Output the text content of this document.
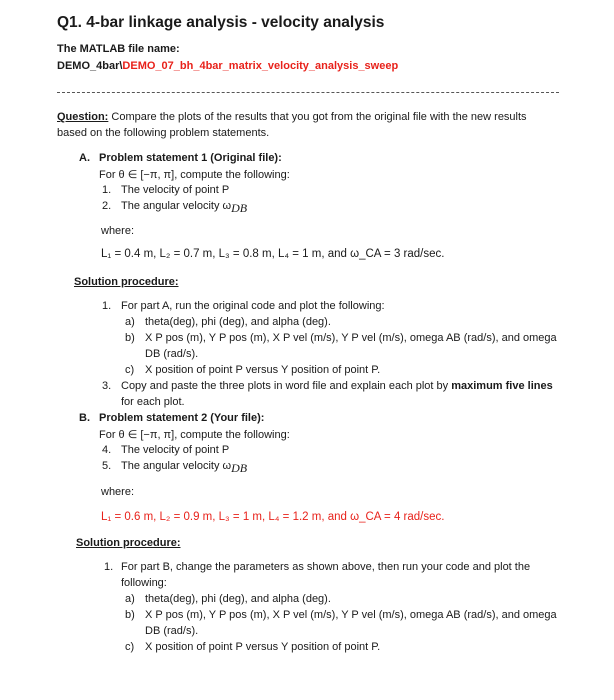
Q1. 4-bar linkage analysis - velocity analysis
The MATLAB file name:
DEMO_4bar\DEMO_07_bh_4bar_matrix_velocity_analysis_sweep
Question: Compare the plots of the results that you got from the original file with the new results
based on the following problem statements.
A. Problem statement 1 (Original file):
For θ ∈ [−π, π], compute the following:
1. The velocity of point P
2. The angular velocity $\omega_{DB}$
where:
L₁ = 0.4 m, L₂ = 0.7 m, L₃ = 0.8 m, L₄ = 1 m, and ω_CA = 3 rad/sec.
Solution procedure:
1. For part A, run the original code and plot the following:
a) theta(deg), phi (deg), and alpha (deg).
b) X P pos (m), Y P pos (m), X P vel (m/s), Y P vel (m/s), omega AB (rad/s), and omega
DB (rad/s).
c) X position of point P versus Y position of point P.
3. Copy and paste the three plots in word file and explain each plot by maximum five lines
for each plot.
B. Problem statement 2 (Your file):
For θ ∈ [−π, π], compute the following:
4. The velocity of point P
5. The angular velocity $\omega_{DB}$
where:
L₁ = 0.6 m, L₂ = 0.9 m, L₃ = 1 m, L₄ = 1.2 m, and ω_CA = 4 rad/sec.
Solution procedure:
1. For part B, change the parameters as shown above, then run your code and plot the
following:
a) theta(deg), phi (deg), and alpha (deg).
b) X P pos (m), Y P pos (m), X P vel (m/s), Y P vel (m/s), omega AB (rad/s), and omega
DB (rad/s).
c) X position of point P versus Y position of point P.
